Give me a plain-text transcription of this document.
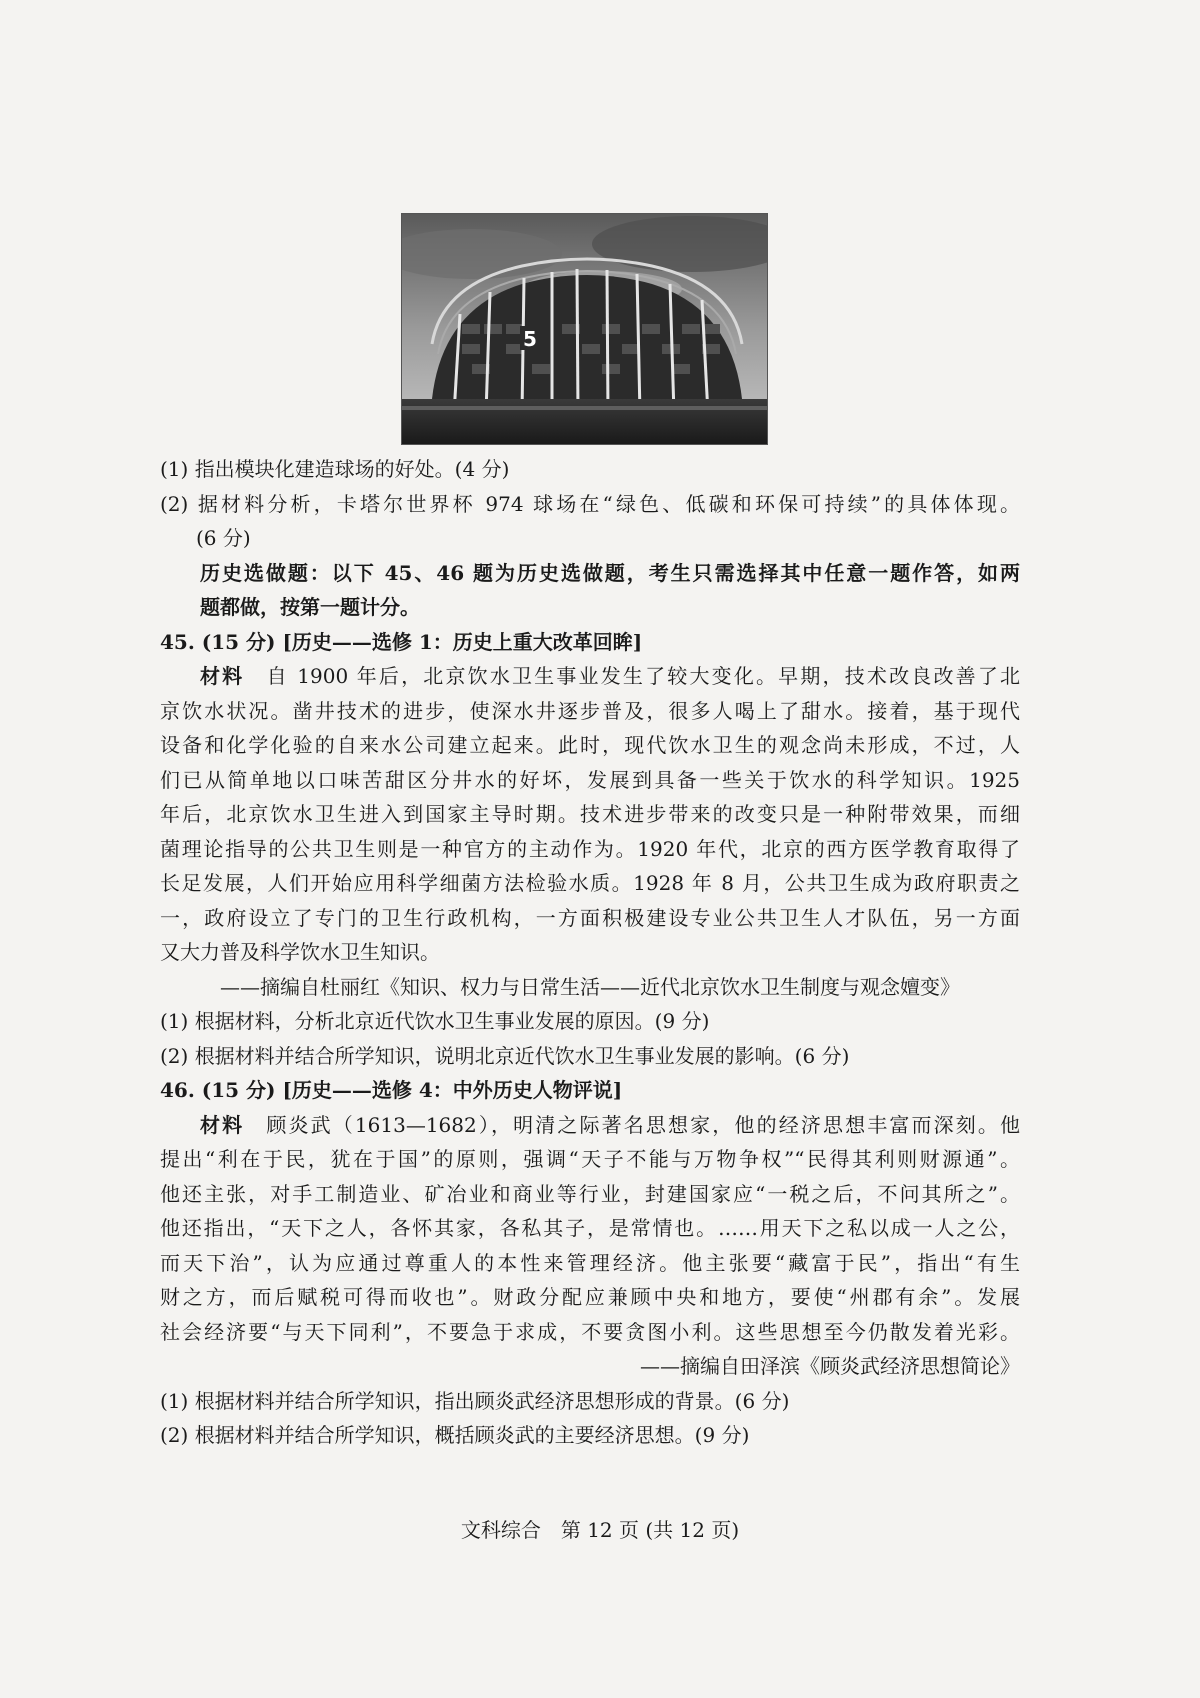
5
(1) 指出模块化建造球场的好处。(4 分)
(2) 据材料分析，卡塔尔世界杯 974 球场在“绿色、低碳和环保可持续”的具体体现。
(6 分)
历史选做题：以下 45、46 题为历史选做题，考生只需选择其中任意一题作答，如两
题都做，按第一题计分。
45. (15 分) [历史——选修 1：历史上重大改革回眸]
材料　 自 1900 年后，北京饮水卫生事业发生了较大变化。早期，技术改良改善了北
京饮水状况。凿井技术的进步，使深水井逐步普及，很多人喝上了甜水。接着，基于现代
设备和化学化验的自来水公司建立起来。此时，现代饮水卫生的观念尚未形成，不过，人
们已从简单地以口味苦甜区分井水的好坏，发展到具备一些关于饮水的科学知识。1925
年后，北京饮水卫生进入到国家主导时期。技术进步带来的改变只是一种附带效果，而细
菌理论指导的公共卫生则是一种官方的主动作为。1920 年代，北京的西方医学教育取得了
长足发展，人们开始应用科学细菌方法检验水质。1928 年 8 月，公共卫生成为政府职责之
一，政府设立了专门的卫生行政机构，一方面积极建设专业公共卫生人才队伍，另一方面
又大力普及科学饮水卫生知识。
——摘编自杜丽红《知识、权力与日常生活——近代北京饮水卫生制度与观念嬗变》
(1) 根据材料，分析北京近代饮水卫生事业发展的原因。(9 分)
(2) 根据材料并结合所学知识，说明北京近代饮水卫生事业发展的影响。(6 分)
46. (15 分) [历史——选修 4：中外历史人物评说]
材料　 顾炎武（1613—1682），明清之际著名思想家，他的经济思想丰富而深刻。他
提出“利在于民，犹在于国”的原则，强调“天子不能与万物争权”“民得其利则财源通”。
他还主张，对手工制造业、矿冶业和商业等行业，封建国家应“一税之后，不问其所之”。
他还指出，“天下之人，各怀其家，各私其子，是常情也。……用天下之私以成一人之公，
而天下治”，认为应通过尊重人的本性来管理经济。他主张要“藏富于民”，指出“有生
财之方，而后赋税可得而收也”。财政分配应兼顾中央和地方，要使“州郡有余”。发展
社会经济要“与天下同利”，不要急于求成，不要贪图小利。这些思想至今仍散发着光彩。
——摘编自田泽滨《顾炎武经济思想简论》
(1) 根据材料并结合所学知识，指出顾炎武经济思想形成的背景。(6 分)
(2) 根据材料并结合所学知识，概括顾炎武的主要经济思想。(9 分)
文科综合　第 12 页 (共 12 页)
